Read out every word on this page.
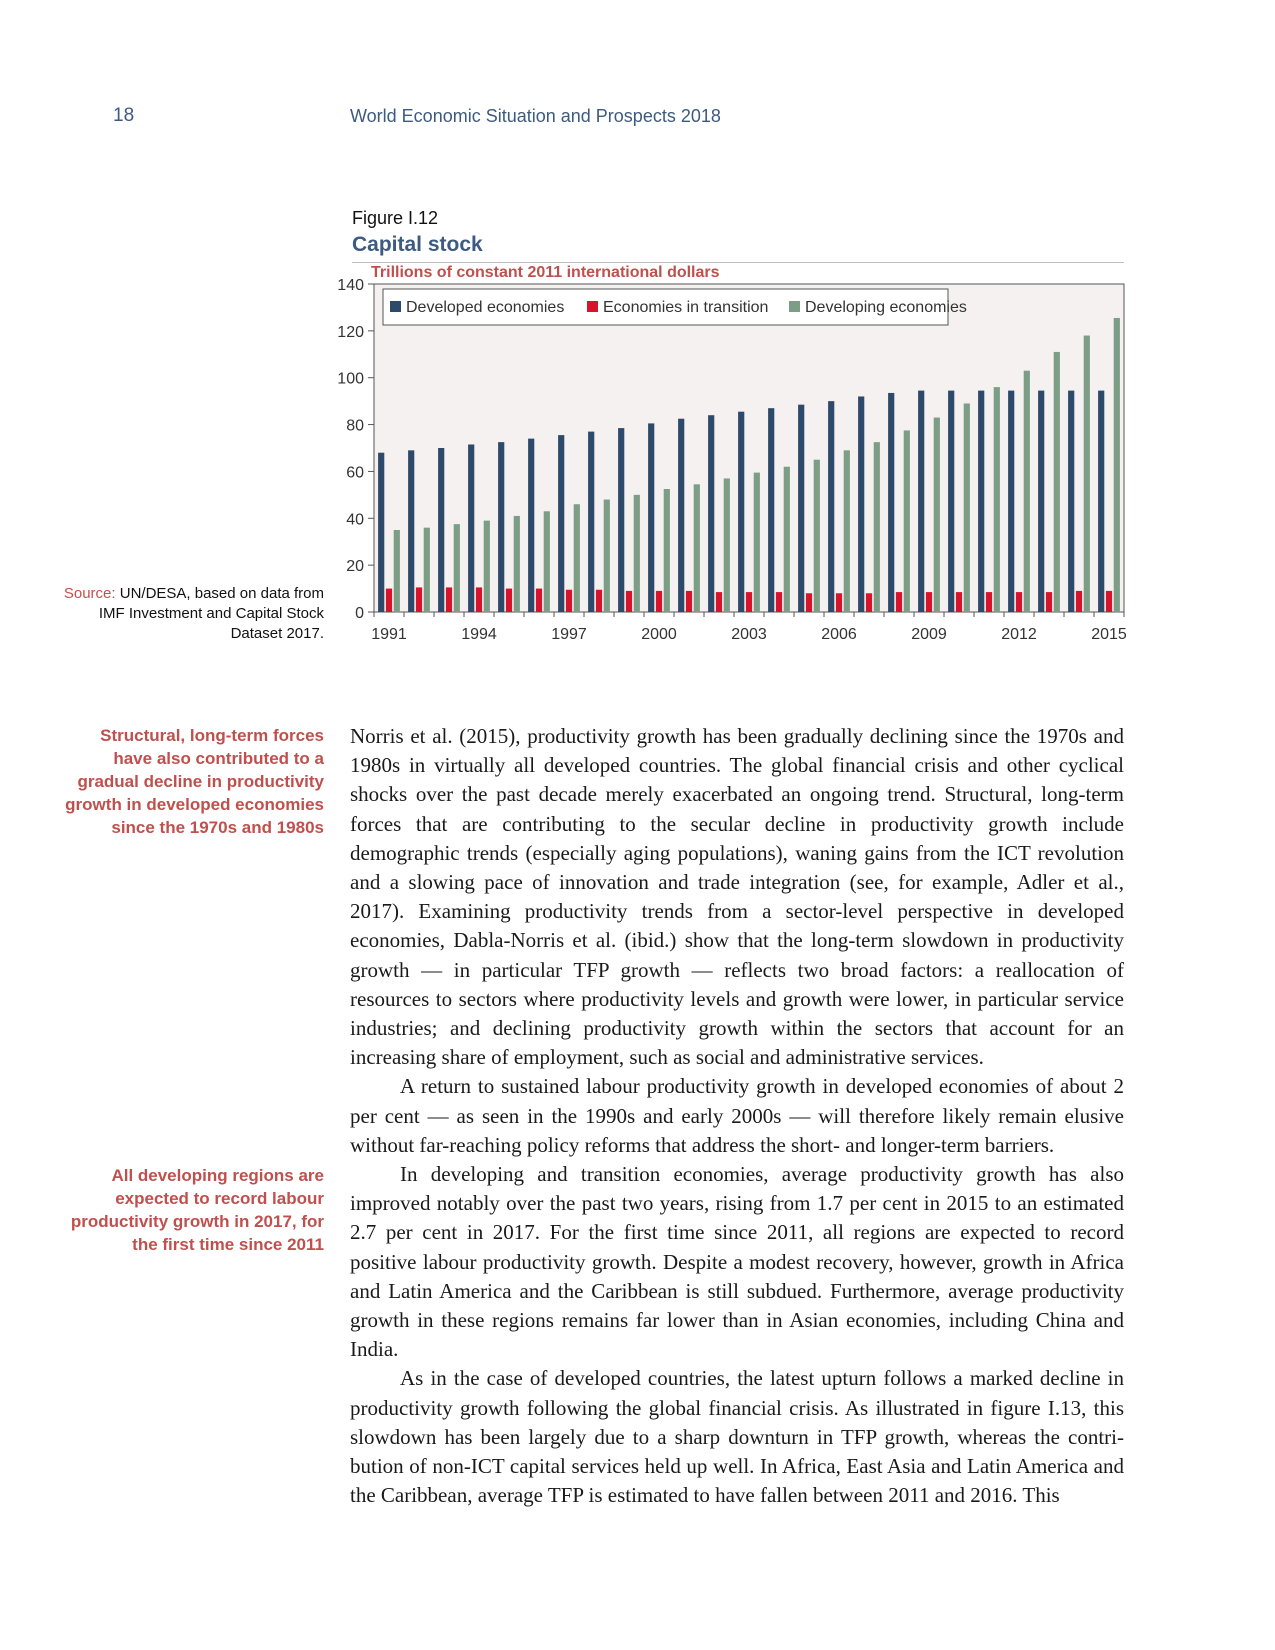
18	World Economic Situation and Prospects 2018
Figure I.12
Capital stock
Trillions of constant 2011 international dollars
0
20
40
60
80
100
120
140
1991	1994	1997	2000	2003	2006	2009	2012	2015
Developed economies Economies in transition Developing economies
Source: UN/DESA, based on data from IMF Investment and Capital Stock Dataset 2017.
Structural, long-term forces have also contributed to a gradual decline in productivity growth in developed economies since the 1970s and 1980s
All developing regions are expected to record labour productivity growth in 2017, for the first time since 2011

Norris et al. (2015), productivity growth has been gradually declining since the 1970s and 1980s in virtually all developed countries. The global financial crisis and other cyclical shocks over the past decade merely exacerbated an ongoing trend. Structural, long-term forces that are contributing to the secular decline in productivity growth include demographic trends (especially aging populations), waning gains from the ICT revolution and a slowing pace of innovation and trade integration (see, for example, Adler et al., 2017). Examining productivity trends from a sector-level perspective in developed economies, Dabla-Norris et al. (ibid.) show that the long-term slowdown in productivity growth — in particular TFP growth — reflects two broad factors: a reallocation of resources to sectors where productivity levels and growth were lower, in particular service industries; and declining productivity growth within the sectors that account for an increasing share of employment, such as social and administrative services.

A return to sustained labour productivity growth in developed economies of about 2 per cent — as seen in the 1990s and early 2000s — will therefore likely remain elusive without far-reaching policy reforms that address the short- and longer-term barriers.

In developing and transition economies, average productivity growth has also improved notably over the past two years, rising from 1.7 per cent in 2015 to an estimated 2.7 per cent in 2017. For the first time since 2011, all regions are expected to record positive labour productivity growth. Despite a modest recovery, however, growth in Africa and Latin America and the Caribbean is still subdued. Furthermore, average productivity growth in these regions remains far lower than in Asian economies, including China and India.

As in the case of developed countries, the latest upturn follows a marked decline in productivity growth following the global financial crisis. As illustrated in figure I.13, this slowdown has been largely due to a sharp downturn in TFP growth, whereas the contribution of non-ICT capital services held up well. In Africa, East Asia and Latin America and the Caribbean, average TFP is estimated to have fallen between 2011 and 2016. This
